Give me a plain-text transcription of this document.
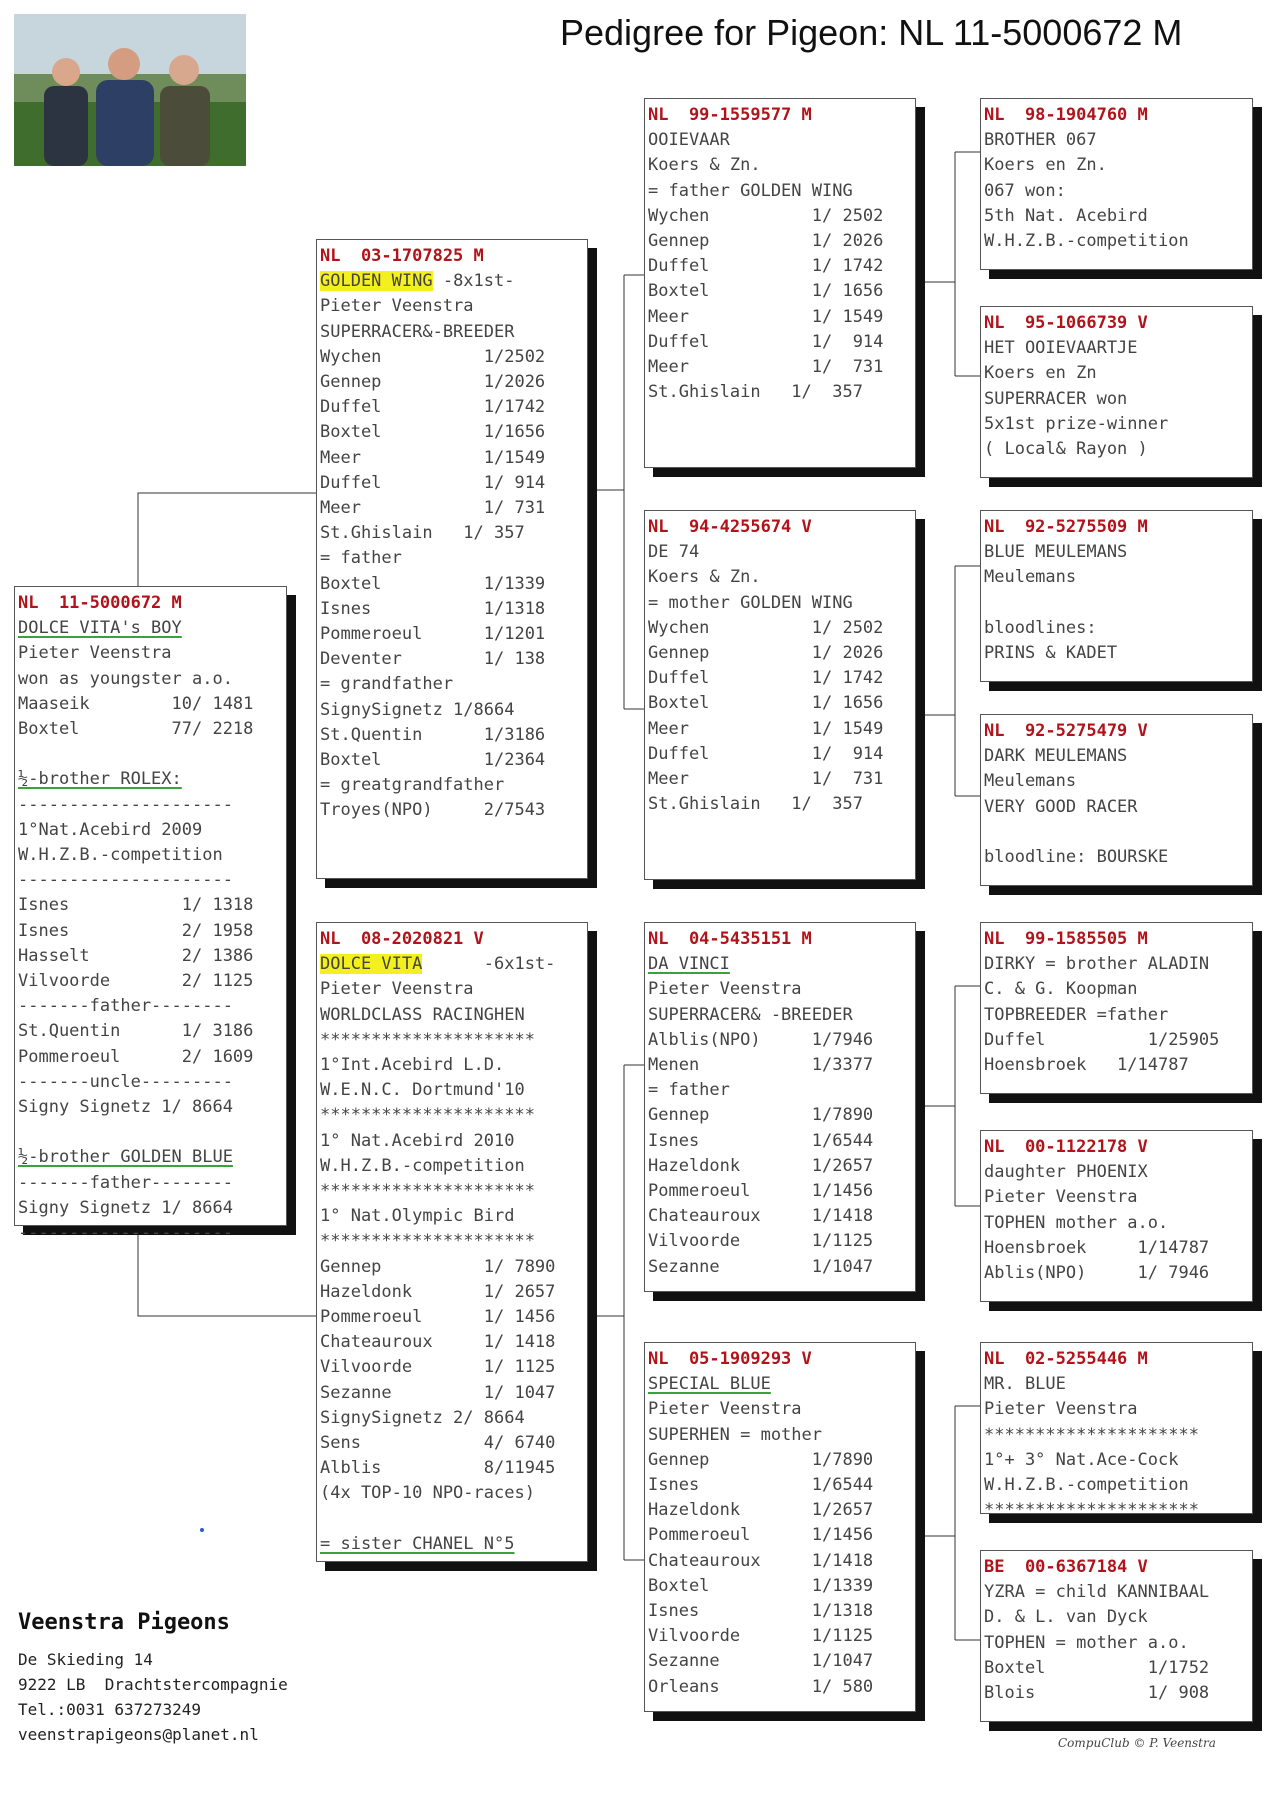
Pedigree for Pigeon: NL 11-5000672 M
NL  11-5000672 M
DOLCE VITA's BOY
Pieter Veenstra
won as youngster a.o.
Maaseik        10/ 1481
Boxtel         77/ 2218

½-brother ROLEX:
---------------------
1°Nat.Acebird 2009
W.H.Z.B.-competition
---------------------
Isnes           1/ 1318
Isnes           2/ 1958
Hasselt         2/ 1386
Vilvoorde       2/ 1125
-------father--------
St.Quentin      1/ 3186
Pommeroeul      2/ 1609
-------uncle---------
Signy Signetz 1/ 8664

½-brother GOLDEN BLUE
-------father--------
Signy Signetz 1/ 8664
---------------------
NL  03-1707825 M
GOLDEN WING -8x1st-
Pieter Veenstra
SUPERRACER&-BREEDER
Wychen          1/2502
Gennep          1/2026
Duffel          1/1742
Boxtel          1/1656
Meer            1/1549
Duffel          1/ 914
Meer            1/ 731
St.Ghislain   1/ 357
= father
Boxtel          1/1339
Isnes           1/1318
Pommeroeul      1/1201
Deventer        1/ 138
= grandfather
SignySignetz 1/8664
St.Quentin      1/3186
Boxtel          1/2364
= greatgrandfather
Troyes(NPO)     2/7543
NL  08-2020821 V
DOLCE VITA      -6x1st-
Pieter Veenstra
WORLDCLASS RACINGHEN
*********************
1°Int.Acebird L.D.
W.E.N.C. Dortmund'10
*********************
1° Nat.Acebird 2010
W.H.Z.B.-competition
*********************
1° Nat.Olympic Bird
*********************
Gennep          1/ 7890
Hazeldonk       1/ 2657
Pommeroeul      1/ 1456
Chateauroux     1/ 1418
Vilvoorde       1/ 1125
Sezanne         1/ 1047
SignySignetz 2/ 8664
Sens            4/ 6740
Alblis          8/11945
(4x TOP-10 NPO-races)

= sister CHANEL N°5
NL  99-1559577 M
OOIEVAAR
Koers & Zn.
= father GOLDEN WING
Wychen          1/ 2502
Gennep          1/ 2026
Duffel          1/ 1742
Boxtel          1/ 1656
Meer            1/ 1549
Duffel          1/  914
Meer            1/  731
St.Ghislain   1/  357
NL  94-4255674 V
DE 74
Koers & Zn.
= mother GOLDEN WING
Wychen          1/ 2502
Gennep          1/ 2026
Duffel          1/ 1742
Boxtel          1/ 1656
Meer            1/ 1549
Duffel          1/  914
Meer            1/  731
St.Ghislain   1/  357
NL  04-5435151 M
DA VINCI
Pieter Veenstra
SUPERRACER& -BREEDER
Alblis(NPO)     1/7946
Menen           1/3377
= father
Gennep          1/7890
Isnes           1/6544
Hazeldonk       1/2657
Pommeroeul      1/1456
Chateauroux     1/1418
Vilvoorde       1/1125
Sezanne         1/1047
NL  05-1909293 V
SPECIAL BLUE
Pieter Veenstra
SUPERHEN = mother
Gennep          1/7890
Isnes           1/6544
Hazeldonk       1/2657
Pommeroeul      1/1456
Chateauroux     1/1418
Boxtel          1/1339
Isnes           1/1318
Vilvoorde       1/1125
Sezanne         1/1047
Orleans         1/ 580
NL  98-1904760 M
BROTHER 067
Koers en Zn.
067 won:
5th Nat. Acebird
W.H.Z.B.-competition
NL  95-1066739 V
HET OOIEVAARTJE
Koers en Zn
SUPERRACER won
5x1st prize-winner
( Local& Rayon )
NL  92-5275509 M
BLUE MEULEMANS
Meulemans

bloodlines:
PRINS & KADET
NL  92-5275479 V
DARK MEULEMANS
Meulemans
VERY GOOD RACER

bloodline: BOURSKE
NL  99-1585505 M
DIRKY = brother ALADIN
C. & G. Koopman
TOPBREEDER =father
Duffel          1/25905
Hoensbroek   1/14787
NL  00-1122178 V
daughter PHOENIX
Pieter Veenstra
TOPHEN mother a.o.
Hoensbroek     1/14787
Ablis(NPO)     1/ 7946
NL  02-5255446 M
MR. BLUE
Pieter Veenstra
*********************
1°+ 3° Nat.Ace-Cock
W.H.Z.B.-competition
*********************
BE  00-6367184 V
YZRA = child KANNIBAAL
D. & L. van Dyck
TOPHEN = mother a.o.
Boxtel          1/1752
Blois           1/ 908
Veenstra Pigeons
De Skieding 14
9222 LB  Drachtstercompagnie
Tel.:0031 637273249
veenstrapigeons@planet.nl	CompuClub © P. Veenstra
